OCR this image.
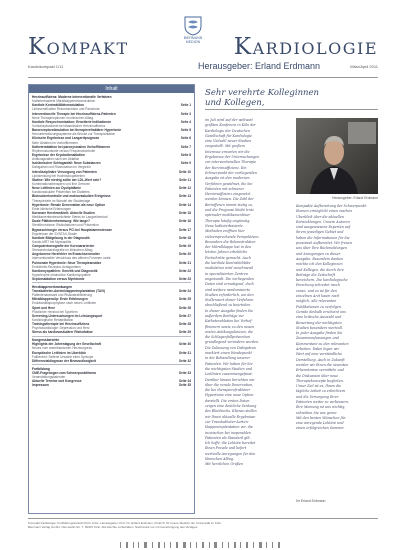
Kompakt	BIERMANN
MEDIZIN	Kardiologie
Kardiokompakt 1/11	Herausgeber: Erland Erdmann	März/April 2011
Inhalt
Herzinsuffizienz: Moderne interventionelle Verfahren
Katheterbasierte Mitralklappenrekonstruktion
Kardiale Kontraktilitätsmodulation	Seite 1
Linksventrikuläre Rekonstruktion und Parachute
Interventionelle Therapie bei Herzinsuffizienz-Patienten	Seite 3
Neue Therapieoptionen im klinischen Alltag
Kardiale Resynchronisation: Erweiterte Indikationen	Seite 4
Vorhofseptostomie bei diastolischer Herzinsuffizienz
Barorezeptorstimulation bei therapierefraktärer Hypertonie	Seite 5
Herzunterstützungssysteme als Brücke zur Transplantation
Klinische Ergebnisse und Langzeitprognose	Seite 6
Mehr Ablation im Vorhofflimmern
Katheterablation bei paroxysmalem Vorhofflimmern	Seite 7
Rhythmuskontrolle versus Frequenzkontrolle
Ergebnisse der Kryoballonablation	Seite 8
Antikoagulation nach der Ablation
Ischämischer Schlaganfall: Neue Substanzen	Seite 9
Dabigatran und Rivaroxaban im Vergleich
Interdisziplinäre Versorgung von Patienten	Seite 10
Lipidsenkung bei Hochrisikopatienten
Statine: Wie niedrig sollte der LDL-Wert sein?	Seite 11
Kombinationstherapien und ihre Grenzen
Neue Leitlinien zur Dyslipidämie	Seite 12
Kardiovaskuläre Prävention bei Diabetes
Blutzuckerkontrolle und makrovaskuläre Ereignisse	Seite 13
Therapieziele im Wandel der Studienlage
Hypertonie: Renale Denervation als neue Option	Seite 14
Erste klinische Erfahrungen
Koronare Herzkrankheit: Aktuelle Studien	Seite 15
Medikamentenbeschichtete Stents im Langzeitverlauf
Duale Plättchenhemmung: Wie lange?	Seite 16
Stentthrombose: Risikofaktoren und Prävention
Bypasschirurgie versus PCI bei Hauptstammstenose	Seite 17
Ergebnisse der SYNTAX-Studie
Kardiale Bildgebung in der Diagnostik	Seite 18
Kardio-MRT bei Myokarditis
Computertomografie der Koronararterien	Seite 19
Stressechokardiografie im klinischen Alltag
Angeborene Herzfehler im Erwachsenenalter	Seite 20
Interventioneller Verschluss des offenen Foramen ovale
Pulmonale Hypertonie: Neue Therapieansätze	Seite 21
Endothelin-Rezeptor-Antagonisten
Kardiomyopathien: Genetik und Diagnostik	Seite 22
Hypertrophe obstruktive Kardiomyopathie
Septumablation versus Myektomie	Seite 23
Herzklappenerkrankungen
Transkatheter-Aortenklappenimplantation (TAVI)	Seite 24
Patientenauswahl und Risikostratifizierung
Mitralklappenclip: Erste Erfahrungen	Seite 25
Endokarditisprophylaxe nach neuen Leitlinien
Sport und Herz	Seite 26
Plötzlicher Herztod bei Sportlern
Screening-Untersuchungen im Leistungssport	Seite 27
Kardiologische Rehabilitation
Trainingstherapie bei Herzinsuffizienz	Seite 28
Psychokardiologie: Depression und Herz
Stress als kardiovaskulärer Risikofaktor	Seite 29
Kongressberichte
Highlights der Jahrestagung der Gesellschaft	Seite 30
Neues vom amerikanischen Herzkongress
Europäische Leitlinien im Überblick	Seite 31
Fallbericht: Seltene Ursache einer Synkope
Differenzialdiagnose der Bewusstlosigkeit	Seite 32
Fortbildung
CME-Fragebogen zum Schwerpunktthema	Seite 33
Veranstaltungskalender
Aktuelle Termine und Kongresse	Seite 34
Impressum	Seite 35
Sehr verehrte Kolleginnen
und Kollegen,
im Juli wird auf der weltweit
größten Konferenz in Köln der
Kardiologie der Deutschen
Gesellschaft für Kardiologie
eine Vielzahl neuer Studien
vorgestellt. Mit großem
Interesse erwarten wir die
Ergebnisse der Untersuchungen
zur interventionellen Therapie
der Herzinsuffizienz. Ein
Schwerpunkt der vorliegenden
Ausgabe ist den modernen
Verfahren gewidmet, die bei
Patienten mit schwerer
Herzinsuffizienz eingesetzt
werden können. Die Zahl der
Betroffenen nimmt stetig zu,
und die Prognose bleibt trotz
optimaler medikamentöser
Therapie häufig ungünstig.
Neue katheterbasierte
Methoden eröffnen hier
vielversprechende Perspektiven.
Besonders die Rekonstruktion
der Mitralklappe hat in den
letzten Jahren erhebliche
Fortschritte gemacht. Auch
die kardiale Kontraktilitäts-
modulation wird zunehmend
in spezialisierten Zentren
angewandt. Die vorliegenden
Daten sind ermutigend, doch
sind weitere randomisierte
Studien erforderlich, um den
Stellenwert dieser Verfahren
abschließend zu beurteilen.
In dieser Ausgabe finden Sie
außerdem Beiträge zur
Katheterablation bei Vorhof-
flimmern sowie zu den neuen
oralen Antikoagulanzien, die
die Schlaganfallprävention
grundlegend verändern werden.
Die Zulassung von Dabigatran
markiert einen Wendepunkt
in der Behandlung unserer
Patienten. Wir haben für Sie
die wichtigsten Studien und
Leitlinien zusammengefasst.
Darüber hinaus berichten wir
über die renale Denervation,
die bei therapierefraktärer
Hypertonie eine neue Option
darstellt. Die ersten Daten
zeigen eine deutliche Senkung
des Blutdrucks. Ebenso stellen
wir Ihnen aktuelle Ergebnisse
zur Transkatheter-Aorten-
klappenimplantation vor, die
inzwischen bei inoperablen
Patienten als Standard gilt.
Ich hoffe, die Lektüre bereitet
Ihnen Freude und liefert
wertvolle Anregungen für den
klinischen Alltag.
Mit herzlichen Grüßen
Herausgeber: Erland Erdmann
Kompakte Aufbereitung der Schwerpunkt-
themen ermöglicht einen raschen
Überblick über die aktuellen
Entwicklungen. Unsere Autoren
sind ausgewiesene Experten auf
ihrem jeweiligen Gebiet und
haben die Informationen für Sie
praxisnah aufbereitet. Wir freuen
uns über Ihre Rückmeldungen
und Anregungen zu dieser
Ausgabe. Besonders danken
möchte ich den Kolleginnen
und Kollegen, die durch ihre
Beiträge die Zeitschrift
bereichern. Die kardiologische
Forschung schreitet rasch
voran, und es ist für den
einzelnen Arzt kaum noch
möglich, alle relevanten
Publikationen zu verfolgen.
Gerade deshalb erscheint uns
eine kritische Auswahl und
Bewertung der wichtigsten
Studien besonders wertvoll.
In jeder Ausgabe finden Sie
Zusammenfassungen und
Kommentare zu den relevanten
Arbeiten. Dabei legen wir
Wert auf eine verständliche
Darstellung. Auch in Zukunft
werden wir Ihnen die neuesten
Erkenntnisse vermitteln und
die Diskussion über neue
Therapiekonzepte begleiten.
Unser Ziel ist es, Ihnen die
tägliche Arbeit zu erleichtern
und die Versorgung Ihrer
Patienten weiter zu verbessern.
Ihre Meinung ist uns wichtig,
schreiben Sie uns gerne.
Mit den besten Wünschen für
eine anregende Lektüre und
einen erfolgreichen Sommer.
Ihr Erland Erdmann
Kompakt Kardiologie: Fortbildungszeitschrift für Ärzte. Herausgeber: Prof. Dr. Erland Erdmann, Klinik III für Innere Medizin der Universität zu Köln.
Biermann Verlag GmbH, Otto-Hahn-Str. 7, 50997 Köln. Alle Rechte vorbehalten. Nachdruck nur mit Genehmigung des Verlages.
